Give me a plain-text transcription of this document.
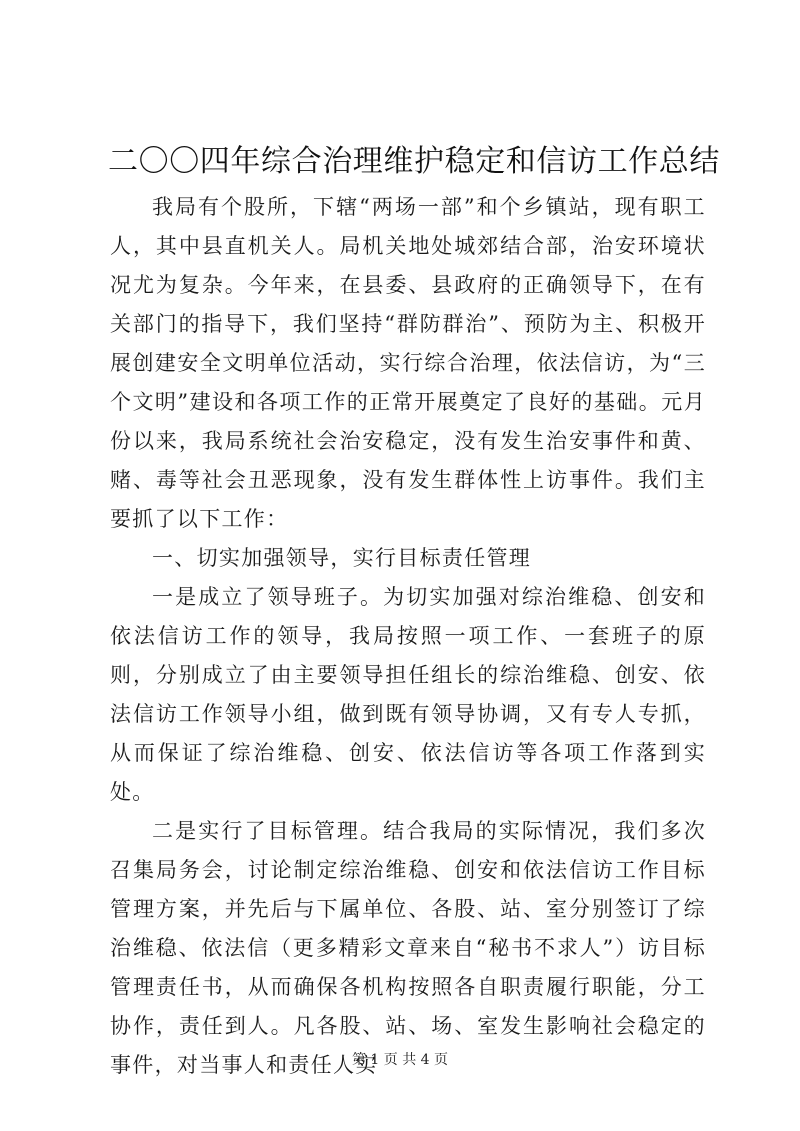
二〇〇四年综合治理维护稳定和信访工作总结

我局有个股所，下辖“两场一部”和个乡镇站，现有职工人，其中县直机关人。局机关地处城郊结合部，治安环境状况尤为复杂。今年来，在县委、县政府的正确领导下，在有关部门的指导下，我们坚持“群防群治”、预防为主、积极开展创建安全文明单位活动，实行综合治理，依法信访，为“三个文明”建设和各项工作的正常开展奠定了良好的基础。元月份以来，我局系统社会治安稳定，没有发生治安事件和黄、赌、毒等社会丑恶现象，没有发生群体性上访事件。我们主要抓了以下工作：

一、切实加强领导，实行目标责任管理

一是成立了领导班子。为切实加强对综治维稳、创安和依法信访工作的领导，我局按照一项工作、一套班子的原则，分别成立了由主要领导担任组长的综治维稳、创安、依法信访工作领导小组，做到既有领导协调，又有专人专抓，从而保证了综治维稳、创安、依法信访等各项工作落到实处。

二是实行了目标管理。结合我局的实际情况，我们多次召集局务会，讨论制定综治维稳、创安和依法信访工作目标管理方案，并先后与下属单位、各股、站、室分别签订了综治维稳、依法信（更多精彩文章来自“秘书不求人”）访目标管理责任书，从而确保各机构按照各自职责履行职能，分工协作，责任到人。凡各股、站、场、室发生影响社会稳定的事件，对当事人和责任人实

第 1 页 共 4 页
